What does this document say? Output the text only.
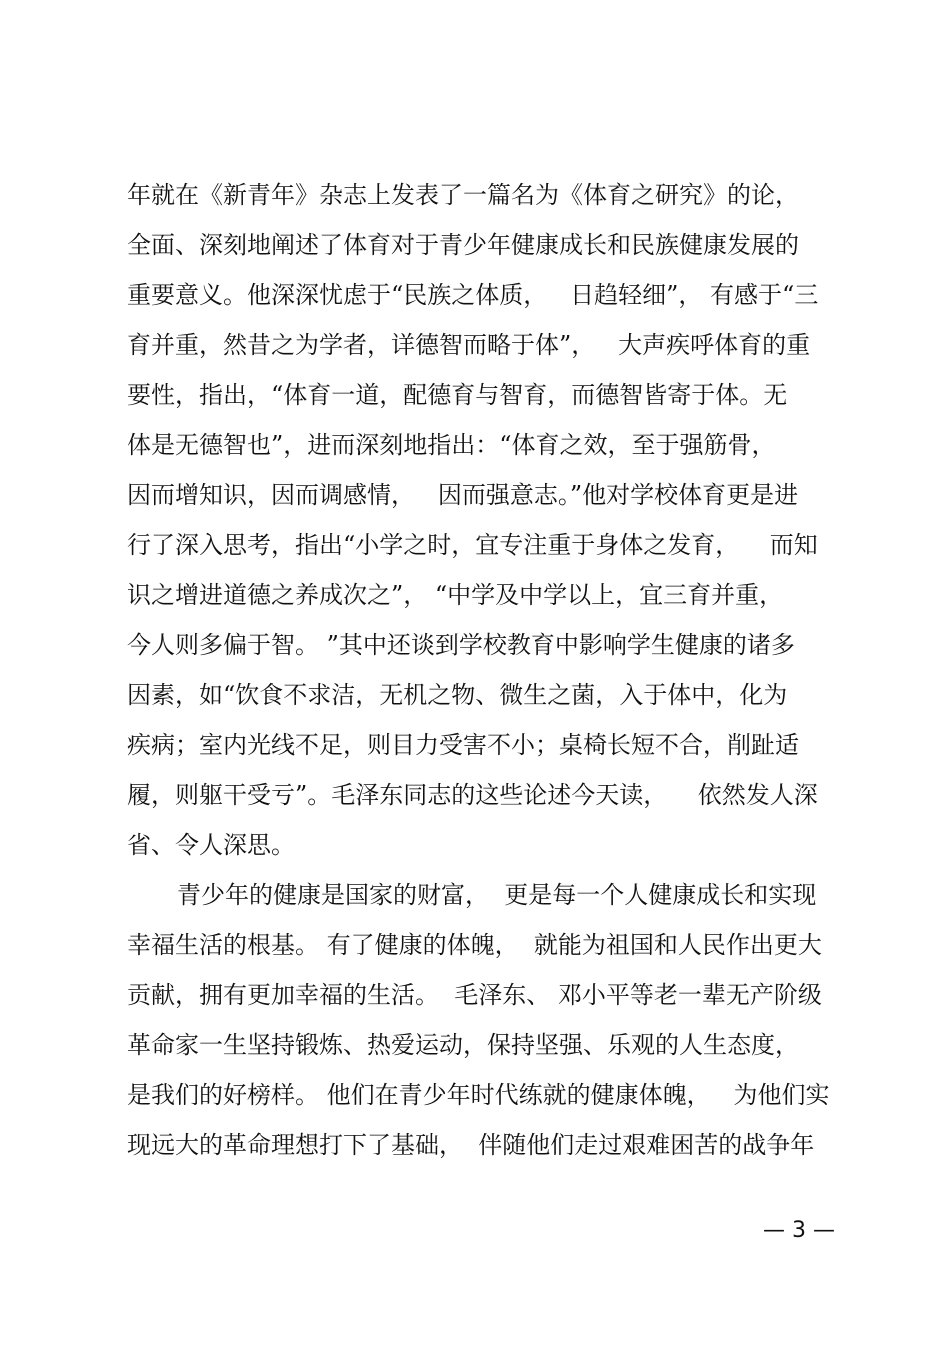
年就在《新青年》杂志上发表了一篇名为《体育之研究》的论，
全面、深刻地阐述了体育对于青少年健康成长和民族健康发展的
重要意义。他深深忧虑于“民族之体质，   日趋轻细”， 有感于“三
育并重，然昔之为学者，详德智而略于体”，   大声疾呼体育的重
要性，指出，“体育一道，配德育与智育，而德智皆寄于体。无
体是无德智也”，进而深刻地指出：“体育之效，至于强筋骨，
因而增知识，因而调感情，   因而强意志。”他对学校体育更是进
行了深入思考，指出“小学之时，宜专注重于身体之发育，    而知
识之增进道德之养成次之”， “中学及中学以上，宜三育并重，
今人则多偏于智。 ”其中还谈到学校教育中影响学生健康的诸多
因素，如“饮食不求洁，无机之物、微生之菌，入于体中，化为
疾病；室内光线不足，则目力受害不小；桌椅长短不合，削趾适
履，则躯干受亏”。毛泽东同志的这些论述今天读，    依然发人深
省、令人深思。
青少年的健康是国家的财富，  更是每一个人健康成长和实现
幸福生活的根基。 有了健康的体魄，  就能为祖国和人民作出更大
贡献，拥有更加幸福的生活。  毛泽东、 邓小平等老一辈无产阶级
革命家一生坚持锻炼、热爱运动，保持坚强、乐观的人生态度，
是我们的好榜样。 他们在青少年时代练就的健康体魄，   为他们实
现远大的革命理想打下了基础，  伴随他们走过艰难困苦的战争年
— 3 —
